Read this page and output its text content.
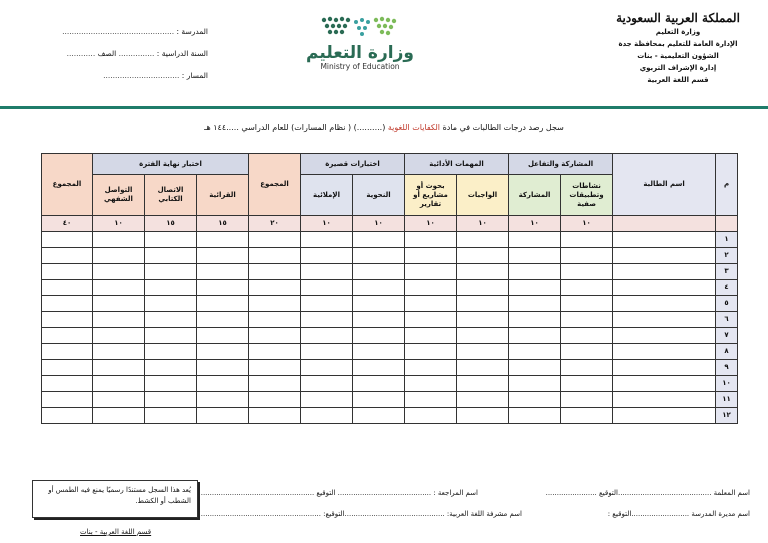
المملكة العربية السعودية
وزارة التعليم
الإدارة العامة للتعليم بمحافظة جدة
الشؤون التعليمية - بنات
إدارة الإشراف التربوي
قسم اللغة العربية
وزارة التعليم
Ministry of Education
المدرسة : ...............................................
السنة الدراسية : ............... الصف ............
المسار : ................................
سجل رصد درجات الطالبات في مادة الكفايات اللغوية (..........) ( نظام المسارات) للعام الدراسي .....١٤٤ هـ
م	اسم الطالبة	المشاركة والتفاعل		المهمات الأدائية		اختبارات قصيرة		المجموع	اختبار نهاية الفترة			المجموع
		نشاطات وتطبيقات صفية	المشاركة	الواجبات	بحوث أو مشاريع أو تقارير	النحوية	الإملائية		القرائية	الاتصال الكتابي	التواصل الشفهي	
		١٠	١٠	١٠	١٠	١٠	١٠	٢٠	١٥	١٥	١٠	٤٠
١												
٢												
٣												
٤												
٥												
٦												
٧												
٨												
٩												
١٠												
١١												
١٢												
اسم المعلمة ..........................................التوقيع .......................
اسم المراجعة : .......................................... التوقيع ....................................................
اسم مديرة المدرسة ..........................التوقيع :
اسم مشرفة اللغة العربية: .............................................التوقيع: ......................................................
يُعد هذا السجل مستندًا رسميًا يمنع فيه الطمس أو الشطب أو الكشط.
قسم اللغة العربية - بنات
